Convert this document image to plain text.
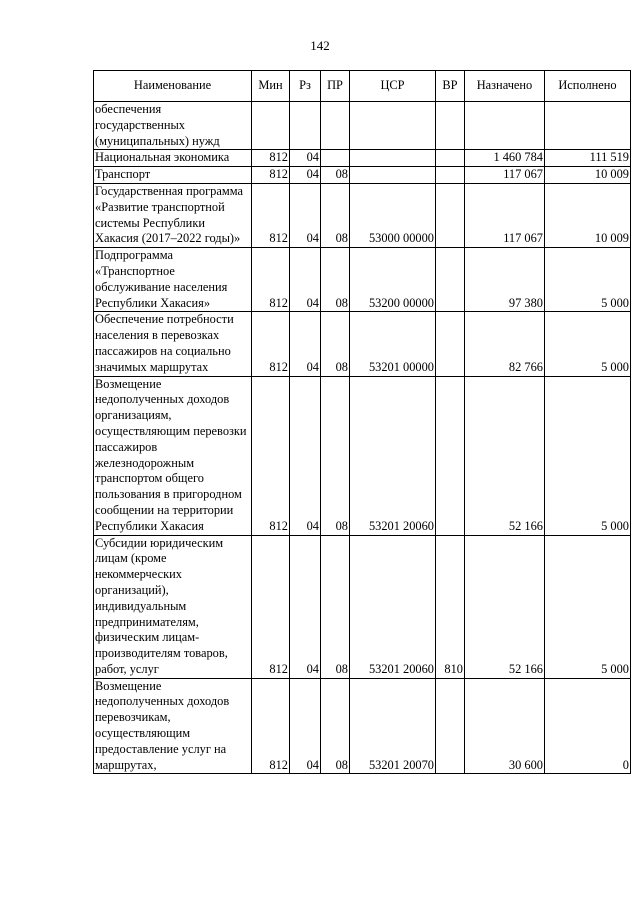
142
Наименование	Мин	Рз	ПР	ЦСР	ВР	Назначено	Исполнено
обеспечения государственных (муниципальных) нужд							
Национальная экономика	812	04				1 460 784	111 519
Транспорт	812	04	08			117 067	10 009
Государственная программа «Развитие транспортной системы Республики Хакасия (2017–2022 годы)»	812	04	08	53000 00000		117 067	10 009
Подпрограмма «Транспортное обслуживание населения Республики Хакасия»	812	04	08	53200 00000		97 380	5 000
Обеспечение потребности населения в перевозках пассажиров на социально значимых маршрутах	812	04	08	53201 00000		82 766	5 000
Возмещение недополученных доходов организациям, осуществляющим перевозки пассажиров железнодорожным транспортом общего пользования в пригородном сообщении на территории Республики Хакасия	812	04	08	53201 20060		52 166	5 000
Субсидии юридическим лицам (кроме некоммерческих организаций), индивидуальным предпринимателям, физическим лицам-производителям товаров, работ, услуг	812	04	08	53201 20060	810	52 166	5 000
Возмещение недополученных доходов перевозчикам, осуществляющим предоставление услуг на маршрутах,	812	04	08	53201 20070		30 600	0
